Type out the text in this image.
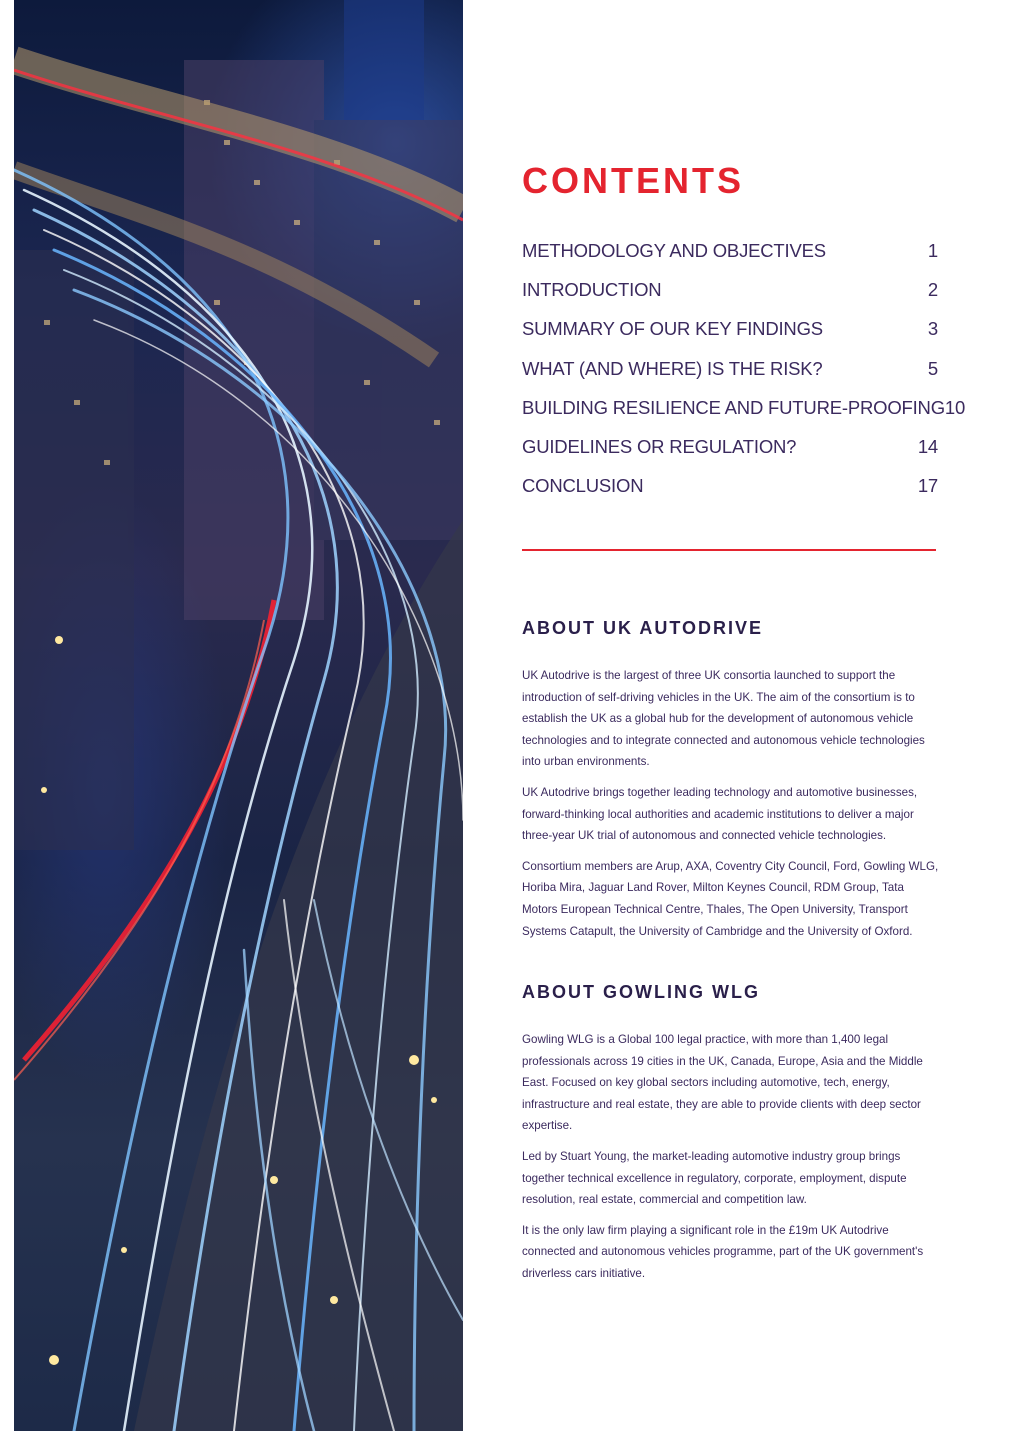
CONTENTS
METHODOLOGY AND OBJECTIVES	1
INTRODUCTION	2
SUMMARY OF OUR KEY FINDINGS	3
WHAT (AND WHERE) IS THE RISK?	5
BUILDING RESILIENCE AND FUTURE-PROOFING 10
GUIDELINES OR REGULATION?	14
CONCLUSION	17
ABOUT UK AUTODRIVE

UK Autodrive is the largest of three UK consortia launched to support the introduction of self-driving vehicles in the UK. The aim of the consortium is to establish the UK as a global hub for the development of autonomous vehicle technologies and to integrate connected and autonomous vehicle technologies into urban environments.

UK Autodrive brings together leading technology and automotive businesses, forward-thinking local authorities and academic institutions to deliver a major three-year UK trial of autonomous and connected vehicle technologies.

Consortium members are Arup, AXA, Coventry City Council, Ford, Gowling WLG, Horiba Mira, Jaguar Land Rover, Milton Keynes Council, RDM Group, Tata Motors European Technical Centre, Thales, The Open University, Transport Systems Catapult, the University of Cambridge and the University of Oxford.

ABOUT GOWLING WLG

Gowling WLG is a Global 100 legal practice, with more than 1,400 legal professionals across 19 cities in the UK, Canada, Europe, Asia and the Middle East. Focused on key global sectors including automotive, tech, energy, infrastructure and real estate, they are able to provide clients with deep sector expertise.

Led by Stuart Young, the market-leading automotive industry group brings together technical excellence in regulatory, corporate, employment, dispute resolution, real estate, commercial and competition law.

It is the only law firm playing a significant role in the £19m UK Autodrive connected and autonomous vehicles programme, part of the UK government's driverless cars initiative.
